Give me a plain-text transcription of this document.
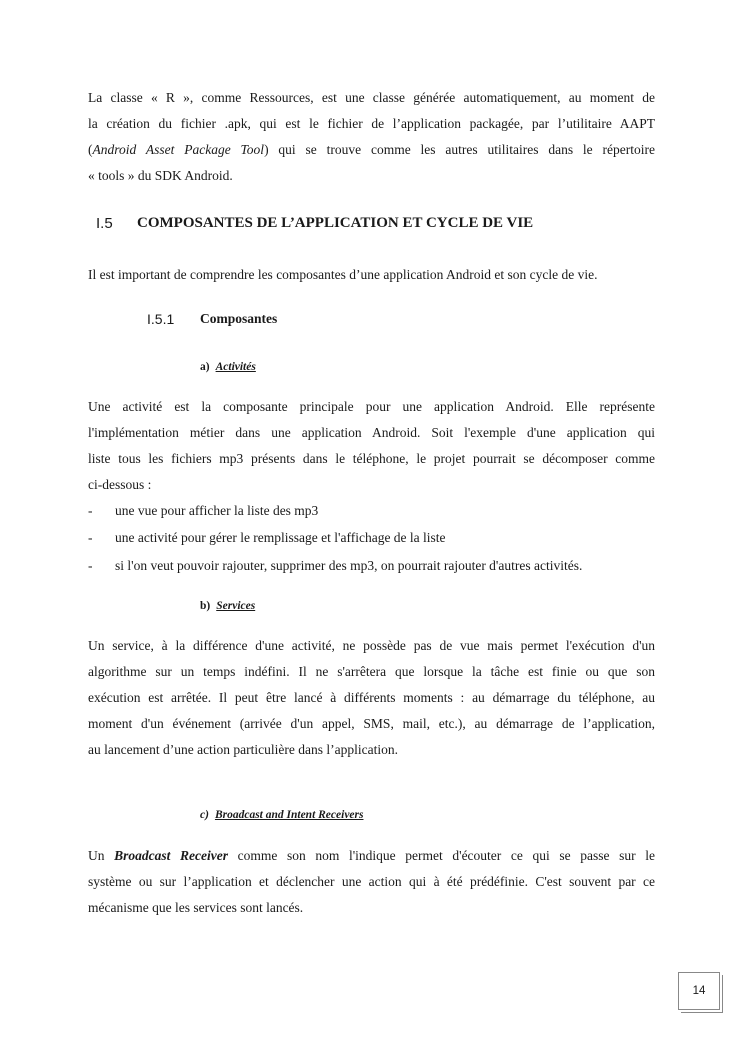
La classe « R », comme Ressources, est une classe générée automatiquement, au moment de
la création du fichier .apk, qui est le fichier de l’application packagée, par l’utilitaire AAPT
(Android Asset Package Tool) qui se trouve comme les autres utilitaires dans le répertoire
« tools » du SDK Android.
I.5 COMPOSANTES DE L’APPLICATION ET CYCLE DE VIE
Il est important de comprendre les composantes d’une application Android et son cycle de vie.
I.5.1 Composantes
a) Activités
Une activité est la composante principale pour une application Android. Elle représente
l'implémentation métier dans une application Android. Soit l'exemple d'une application qui
liste tous les fichiers mp3 présents dans le téléphone, le projet pourrait se décomposer comme
ci-dessous :
- une vue pour afficher la liste des mp3
- une activité pour gérer le remplissage et l'affichage de la liste
- si l'on veut pouvoir rajouter, supprimer des mp3, on pourrait rajouter d'autres activités.
b) Services
Un service, à la différence d'une activité, ne possède pas de vue mais permet l'exécution d'un
algorithme sur un temps indéfini. Il ne s'arrêtera que lorsque la tâche est finie ou que son
exécution est arrêtée. Il peut être lancé à différents moments : au démarrage du téléphone, au
moment d'un événement (arrivée d'un appel, SMS, mail, etc.), au démarrage de l’application,
au lancement d’une action particulière dans l’application.
c) Broadcast and Intent Receivers
Un Broadcast Receiver comme son nom l'indique permet d'écouter ce qui se passe sur le
système ou sur l’application et déclencher une action qui à été prédéfinie. C'est souvent par ce
mécanisme que les services sont lancés.
14
